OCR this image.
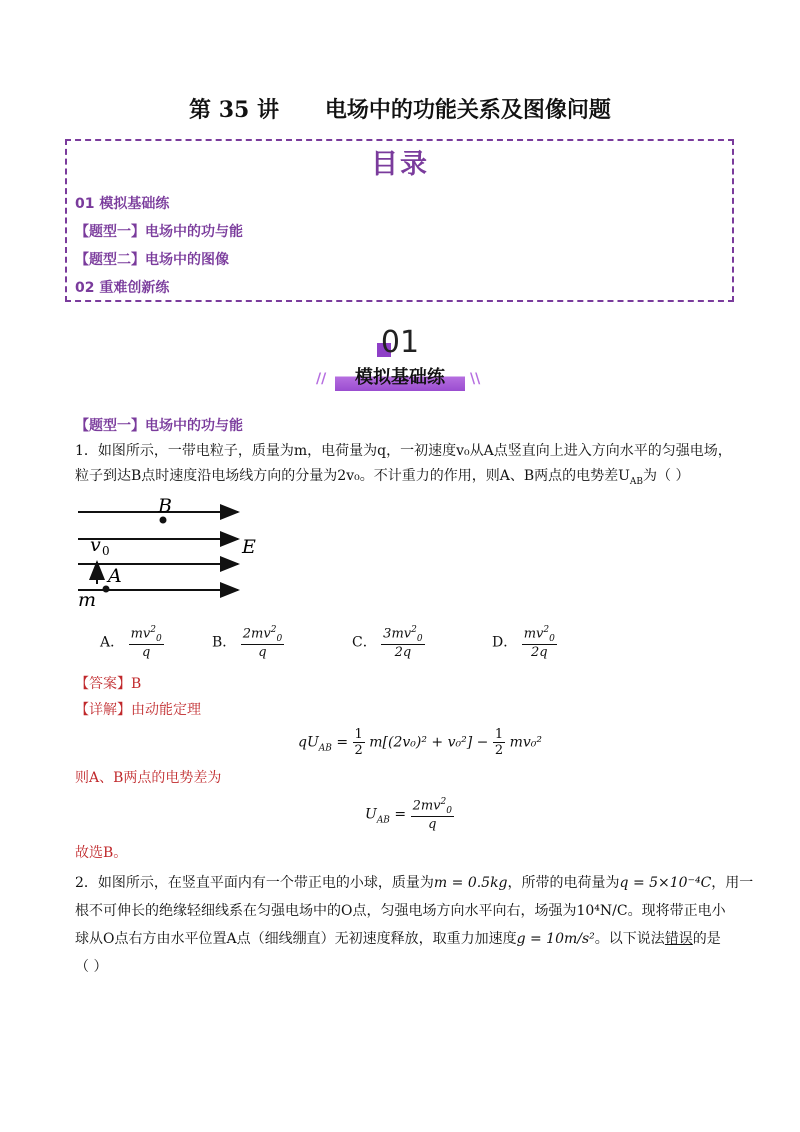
第 35 讲      电场中的功能关系及图像问题
目录
01 模拟基础练
【题型一】电场中的功与能
【题型二】电场中的图像
02 重难创新练
01
模拟基础练
//	\\
【题型一】电场中的功与能
1．如图所示，一带电粒子，质量为m，电荷量为q，一初速度v₀从A点竖直向上进入方向水平的匀强电场，
粒子到达B点时速度沿电场线方向的分量为2v₀。不计重力的作用，则A、B两点的电势差$U_{AB}$为（ ）
B
E
v 0
A
m
A． $\frac{mv^2_0}{q}$	B． $\frac{2mv^2_0}{q}$	C． $\frac{3mv^2_0}{2q}$	D． $\frac{mv^2_0}{2q}$
【答案】B
【详解】由动能定理
$qU_{AB} = \frac{1}{2} m[(2v_0)^2 + v_0^2] - \frac{1}{2} mv_0^2$
则A、B两点的电势差为
$U_{AB} = \frac{2mv^2_0}{q}$
故选B。
2．如图所示，在竖直平面内有一个带正电的小球，质量为m = 0.5kg，所带的电荷量为q = 5×10⁻⁴C，用一
根不可伸长的绝缘轻细线系在匀强电场中的O点，匀强电场方向水平向右，场强为10⁴N/C。现将带正电小
球从O点右方由水平位置A点（细线绷直）无初速度释放，取重力加速度g = 10m/s²。以下说法错误的是
（ ）
